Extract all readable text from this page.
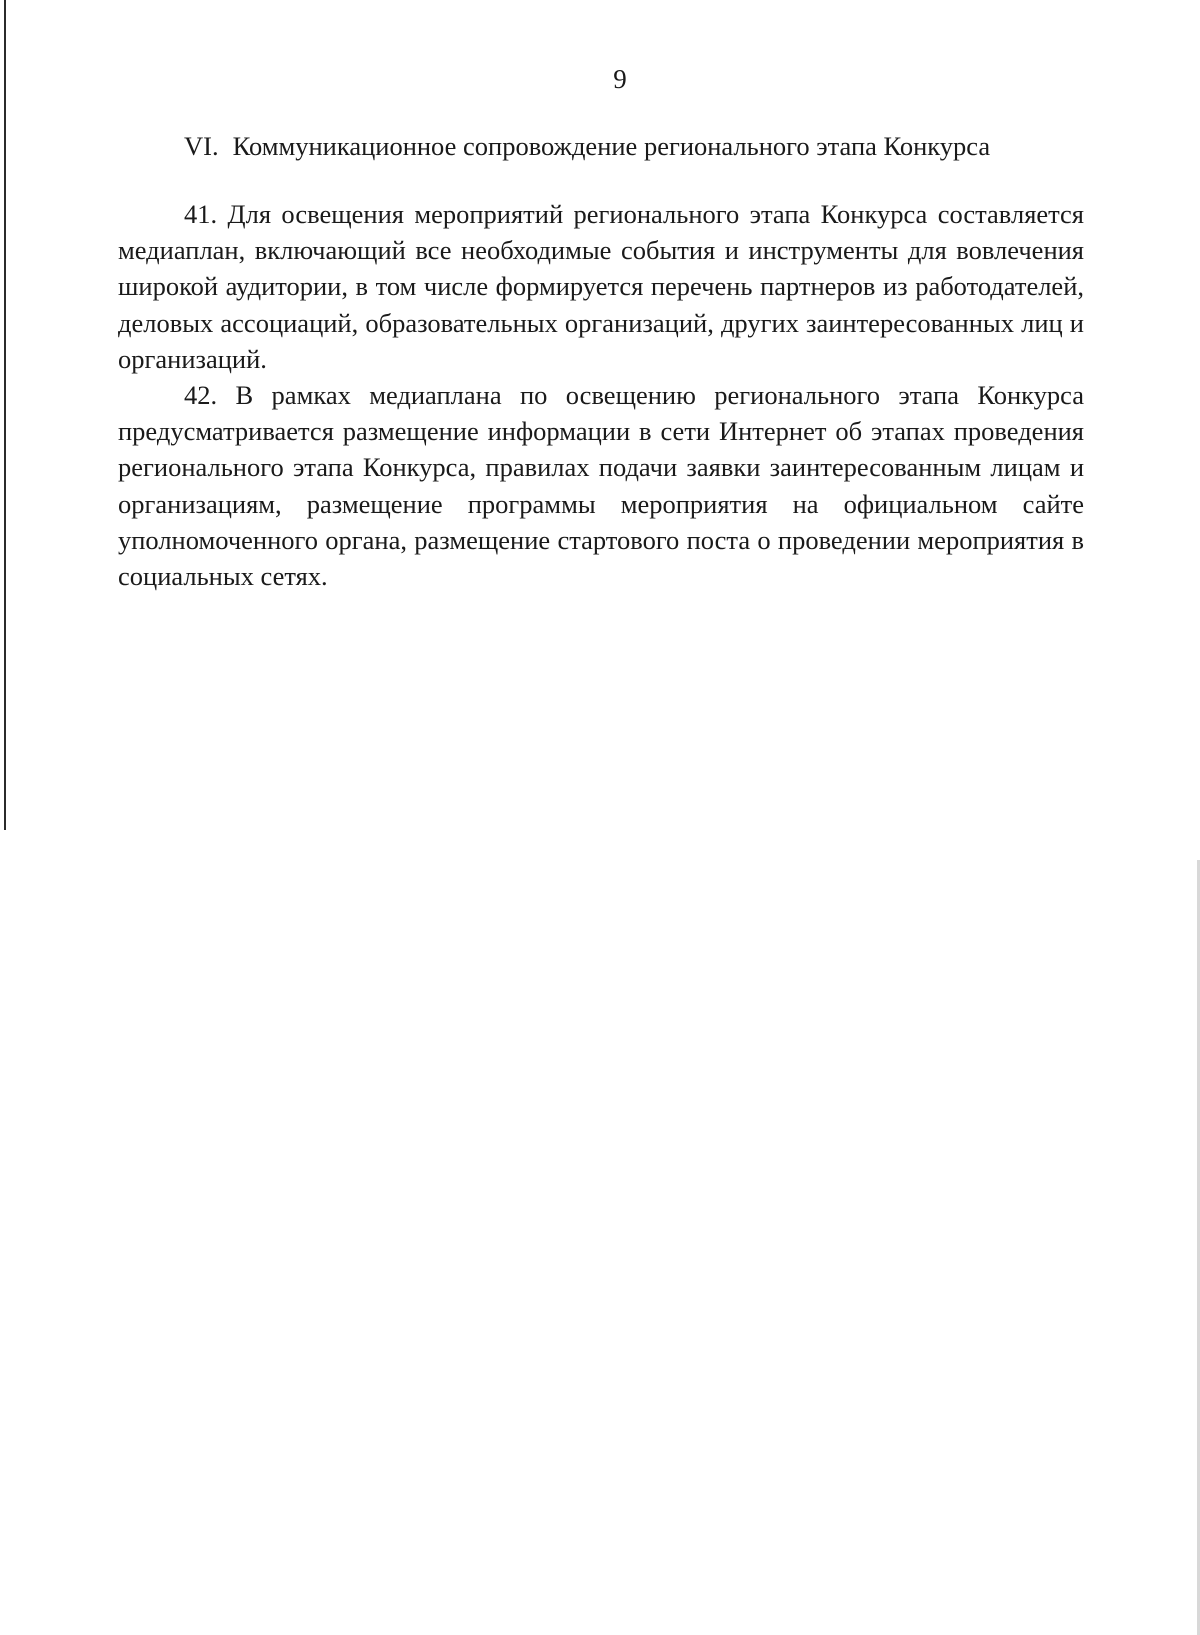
9
VI. Коммуникационное сопровождение регионального этапа Конкурса

41. Для освещения мероприятий регионального этапа Конкурса составляется медиаплан, включающий все необходимые события и инструменты для вовлечения широкой аудитории, в том числе формируется перечень партнеров из работодателей, деловых ассоциаций, образовательных организаций, других заинтересованных лиц и организаций.

42. В рамках медиаплана по освещению регионального этапа Конкурса предусматривается размещение информации в сети Интернет об этапах проведения регионального этапа Конкурса, правилах подачи заявки заинтересованным лицам и организациям, размещение программы мероприятия на официальном сайте уполномоченного органа, размещение стартового поста о проведении мероприятия в социальных сетях.
